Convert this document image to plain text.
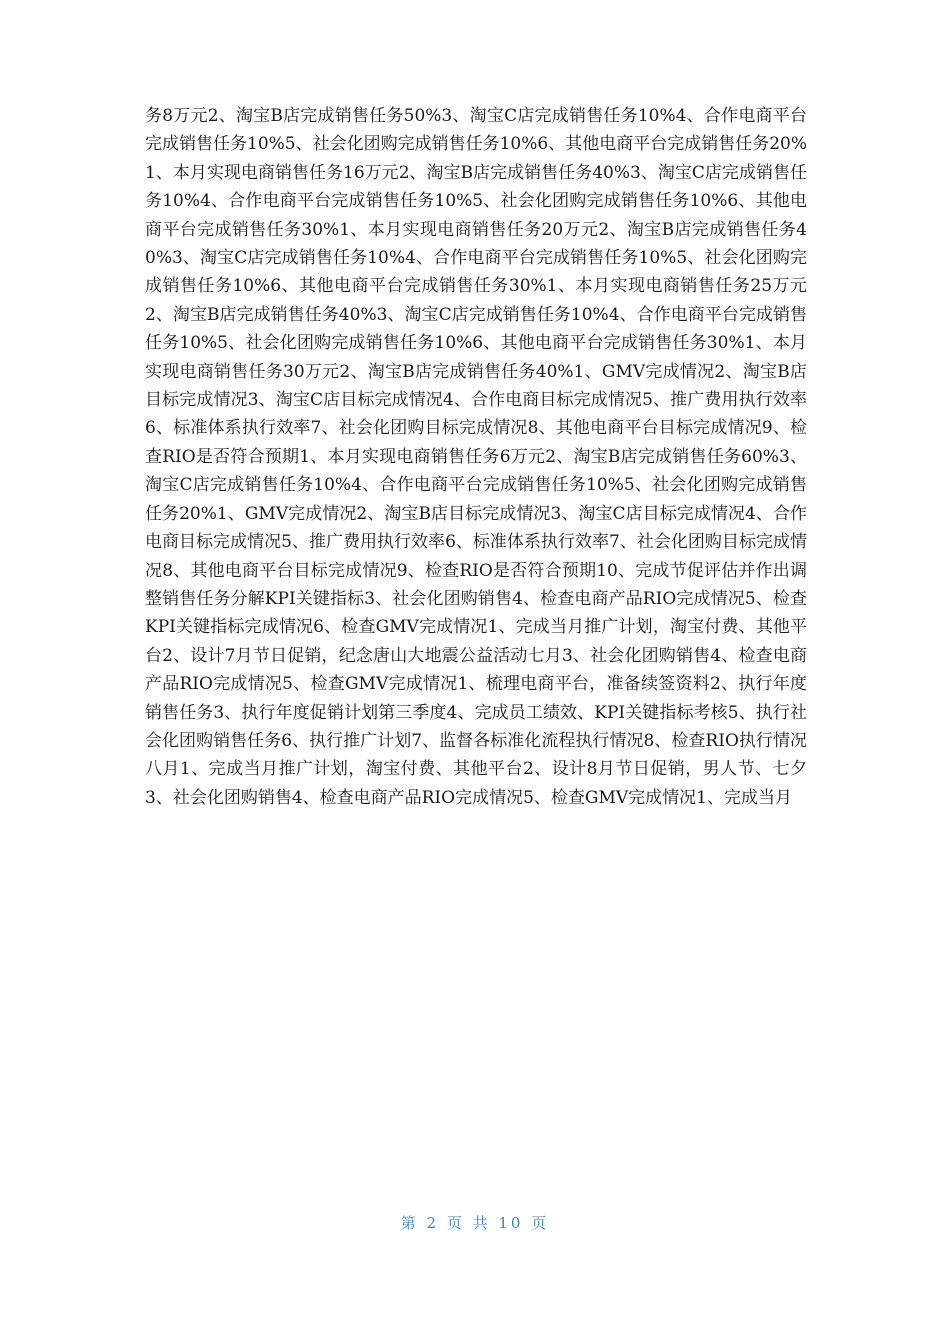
务8万元2、淘宝B店完成销售任务50%3、淘宝C店完成销售任务10%4、合作电商平台完成销售任务10%5、社会化团购完成销售任务10%6、其他电商平台完成销售任务20%1、本月实现电商销售任务16万元2、淘宝B店完成销售任务40%3、淘宝C店完成销售任务10%4、合作电商平台完成销售任务10%5、社会化团购完成销售任务10%6、其他电商平台完成销售任务30%1、本月实现电商销售任务20万元2、淘宝B店完成销售任务40%3、淘宝C店完成销售任务10%4、合作电商平台完成销售任务10%5、社会化团购完成销售任务10%6、其他电商平台完成销售任务30%1、本月实现电商销售任务25万元2、淘宝B店完成销售任务40%3、淘宝C店完成销售任务10%4、合作电商平台完成销售任务10%5、社会化团购完成销售任务10%6、其他电商平台完成销售任务30%1、本月实现电商销售任务30万元2、淘宝B店完成销售任务40%1、GMV完成情况2、淘宝B店目标完成情况3、淘宝C店目标完成情况4、合作电商目标完成情况5、推广费用执行效率6、标准体系执行效率7、社会化团购目标完成情况8、其他电商平台目标完成情况9、检查RIO是否符合预期1、本月实现电商销售任务6万元2、淘宝B店完成销售任务60%3、淘宝C店完成销售任务10%4、合作电商平台完成销售任务10%5、社会化团购完成销售任务20%1、GMV完成情况2、淘宝B店目标完成情况3、淘宝C店目标完成情况4、合作电商目标完成情况5、推广费用执行效率6、标准体系执行效率7、社会化团购目标完成情况8、其他电商平台目标完成情况9、检查RIO是否符合预期10、完成节促评估并作出调整销售任务分解KPI关键指标3、社会化团购销售4、检查电商产品RIO完成情况5、检查KPI关键指标完成情况6、检查GMV完成情况1、完成当月推广计划，淘宝付费、其他平台2、设计7月节日促销，纪念唐山大地震公益活动七月3、社会化团购销售4、检查电商产品RIO完成情况5、检查GMV完成情况1、梳理电商平台，准备续签资料2、执行年度销售任务3、执行年度促销计划第三季度4、完成员工绩效、KPI关键指标考核5、执行社会化团购销售任务6、执行推广计划7、监督各标准化流程执行情况8、检查RIO执行情况八月1、完成当月推广计划，淘宝付费、其他平台2、设计8月节日促销，男人节、七夕3、社会化团购销售4、检查电商产品RIO完成情况5、检查GMV完成情况1、完成当月

第 2 页 共 10 页
